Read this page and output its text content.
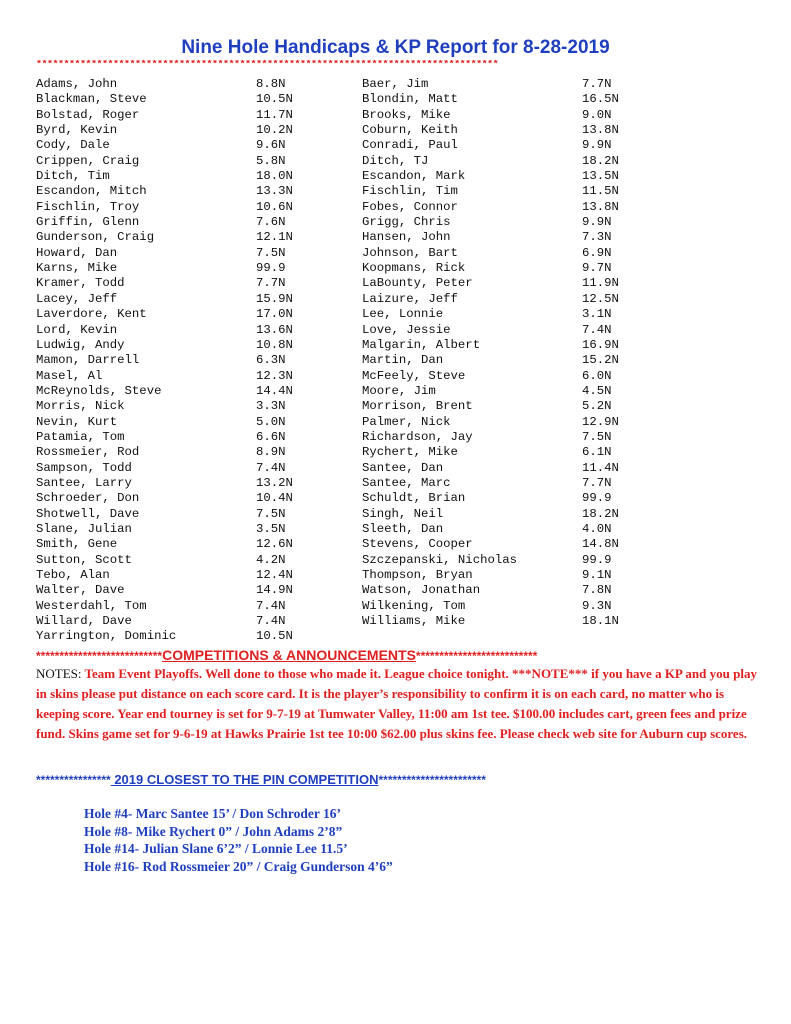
Nine Hole Handicaps & KP Report for 8-28-2019
************************************************************************************
Adams, John	8.8N
Blackman, Steve	10.5N
Bolstad, Roger	11.7N
Byrd, Kevin	10.2N
Cody, Dale	9.6N
Crippen, Craig	5.8N
Ditch, Tim	18.0N
Escandon, Mitch	13.3N
Fischlin, Troy	10.6N
Griffin, Glenn	7.6N
Gunderson, Craig	12.1N
Howard, Dan	7.5N
Karns, Mike	99.9
Kramer, Todd	7.7N
Lacey, Jeff	15.9N
Laverdore, Kent	17.0N
Lord, Kevin	13.6N
Ludwig, Andy	10.8N
Mamon, Darrell	6.3N
Masel, Al	12.3N
McReynolds, Steve	14.4N
Morris, Nick	3.3N
Nevin, Kurt	5.0N
Patamia, Tom	6.6N
Rossmeier, Rod	8.9N
Sampson, Todd	7.4N
Santee, Larry	13.2N
Schroeder, Don	10.4N
Shotwell, Dave	7.5N
Slane, Julian	3.5N
Smith, Gene	12.6N
Sutton, Scott	4.2N
Tebo, Alan	12.4N
Walter, Dave	14.9N
Westerdahl, Tom	7.4N
Willard, Dave	7.4N
Yarrington, Dominic	10.5N
Baer, Jim	7.7N
Blondin, Matt	16.5N
Brooks, Mike	9.0N
Coburn, Keith	13.8N
Conradi, Paul	9.9N
Ditch, TJ	18.2N
Escandon, Mark	13.5N
Fischlin, Tim	11.5N
Fobes, Connor	13.8N
Grigg, Chris	9.9N
Hansen, John	7.3N
Johnson, Bart	6.9N
Koopmans, Rick	9.7N
LaBounty, Peter	11.9N
Laizure, Jeff	12.5N
Lee, Lonnie	3.1N
Love, Jessie	7.4N
Malgarin, Albert	16.9N
Martin, Dan	15.2N
McFeely, Steve	6.0N
Moore, Jim	4.5N
Morrison, Brent	5.2N
Palmer, Nick	12.9N
Richardson, Jay	7.5N
Rychert, Mike	6.1N
Santee, Dan	11.4N
Santee, Marc	7.7N
Schuldt, Brian	99.9
Singh, Neil	18.2N
Sleeth, Dan	4.0N
Stevens, Cooper	14.8N
Szczepanski, Nicholas	99.9
Thompson, Bryan	9.1N
Watson, Jonathan	7.8N
Wilkening, Tom	9.3N
Williams, Mike	18.1N
***************************COMPETITIONS & ANNOUNCEMENTS**************************
NOTES: Team Event Playoffs. Well done to those who made it. League choice tonight. ***NOTE*** if you have a KP and you play in skins please put distance on each score card. It is the player’s responsibility to confirm it is on each card, no matter who is keeping score. Year end tourney is set for 9-7-19 at Tumwater Valley, 11:00 am 1st tee. $100.00 includes cart, green fees and prize fund. Skins game set for 9-6-19 at Hawks Prairie 1st tee 10:00 $62.00 plus skins fee. Please check web site for Auburn cup scores.
**************** 2019 CLOSEST TO THE PIN COMPETITION***********************
Hole #4- Marc Santee 15’ / Don Schroder 16’
Hole #8- Mike Rychert 0” / John Adams 2’8”
Hole #14- Julian Slane 6’2” / Lonnie Lee 11.5’
Hole #16- Rod Rossmeier 20” / Craig Gunderson 4’6”
